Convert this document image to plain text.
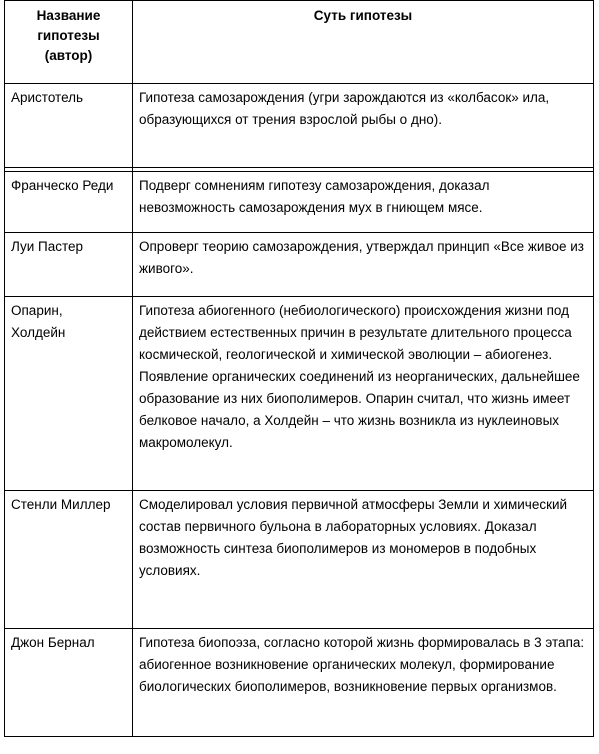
Название гипотезы (автор)	Суть гипотезы

Аристотель	Гипотеза самозарождения (угри зарождаются из «колбасок» ила, образующихся от трения взрослой рыбы о дно).

Франческо Реди	Подверг сомнениям гипотезу самозарождения, доказал невозможность самозарождения мух в гниющем мясе.

Луи Пастер	Опроверг теорию самозарождения, утверждал принцип «Все живое из живого».

Опарин, Холдейн	Гипотеза абиогенного (небиологического) происхождения жизни под действием естественных причин в результате длительного процесса космической, геологической и химической эволюции – абиогенез. Появление органических соединений из неорганических, дальнейшее образование из них биополимеров. Опарин считал, что жизнь имеет белковое начало, а Холдейн – что жизнь возникла из нуклеиновых макромолекул.

Стенли Миллер	Смоделировал условия первичной атмосферы Земли и химический состав первичного бульона в лабораторных условиях. Доказал возможность синтеза биополимеров из мономеров в подобных условиях.

Джон Бернал	Гипотеза биопоэза, согласно которой жизнь формировалась в 3 этапа: абиогенное возникновение органических молекул, формирование биологических биополимеров, возникновение первых организмов.
